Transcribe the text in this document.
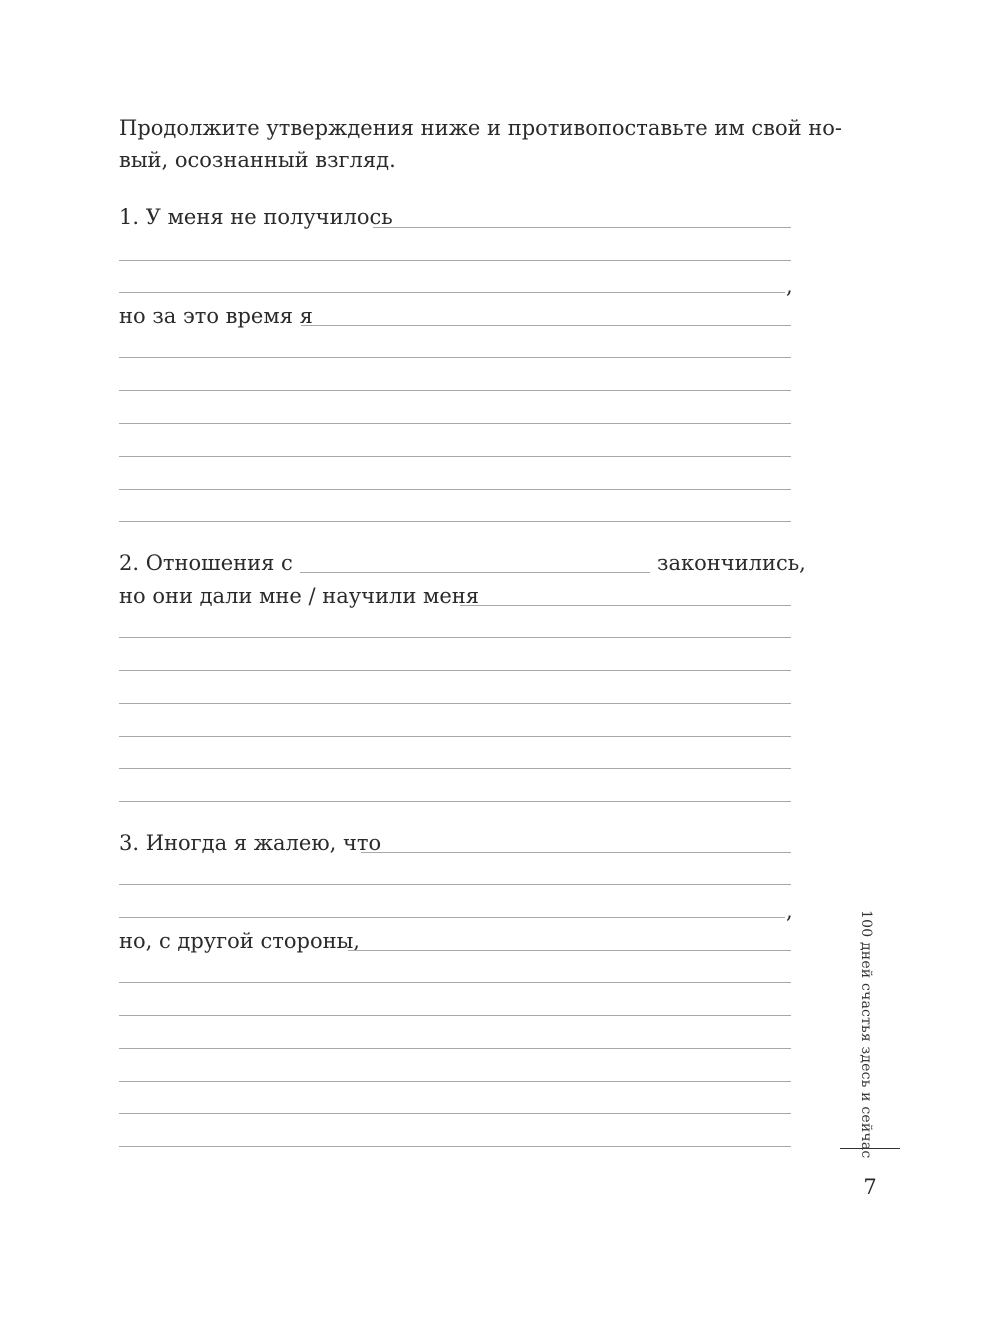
Продолжите утверждения ниже и противопоставьте им свой но-
вый, осознанный взгляд.
1. У меня не получилось
,
но за это время я
2. Отношения с	закончились,
но они дали мне / научили меня
3. Иногда я жалею, что
,
но, с другой стороны,	100 дней счастья здесь и сейчас
7
